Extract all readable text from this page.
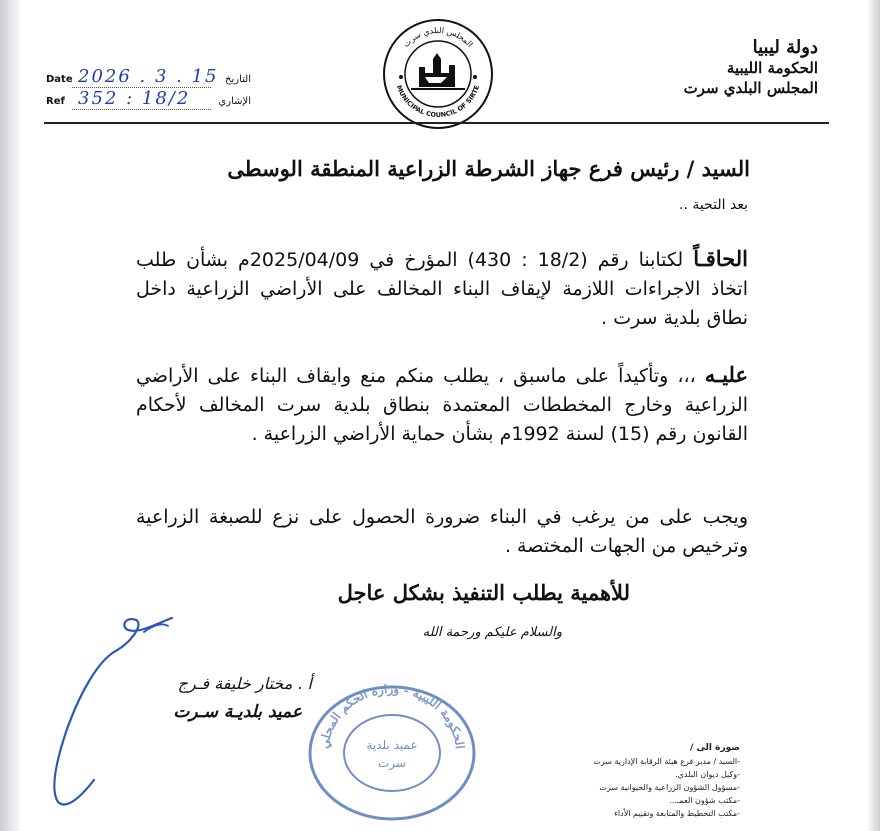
دولة ليبيا
الحكومة الليبية
المجلس البلدي سرت
المجلس البلدي سرت
MUNICIPAL COUNCIL OF SIRTE
Date 2026 . 3 . 15 التاريخ
Ref 352 : 18/2	الإشاري
السيد / رئيس فرع جهاز الشرطة الزراعية المنطقة الوسطى
بعد التحية ..
الحاقـاً لكتابنا رقم (18/2 : 430) المؤرخ في 2025/04/09م بشأن طلب اتخاذ الاجراءات اللازمة لإيقاف البناء المخالف على الأراضي الزراعية داخل نطاق بلدية سرت .
عليـه ،،، وتأكيداً على ماسبق ، يطلب منكم منع وايقاف البناء على الأراضي الزراعية وخارج المخططات المعتمدة بنطاق بلدية سرت المخالف لأحكام القانون رقم (15) لسنة 1992م بشأن حماية الأراضي الزراعية .
ويجب على من يرغب في البناء ضرورة الحصول على نزع للصبغة الزراعية وترخيص من الجهات المختصة .
للأهمية يطلب التنفيذ بشكل عاجل
والسلام عليكم ورحمة الله
أ . مختار خليفة فـرج
عميد بلديـة سـرت
الحكومة الليبية - وزارة الحكم المحلي
عميد بلدية
سرت
صورة الى /
-السيد / مدير فرع هيئة الرقابة الإدارية سرت
-وكيل ديوان البلدي.
-مسؤول الشؤون الزراعية والحيوانية سرت
-مكتب شؤون العمـ...
-مكتب التخطيط والمتابعة وتقييم الأداء
